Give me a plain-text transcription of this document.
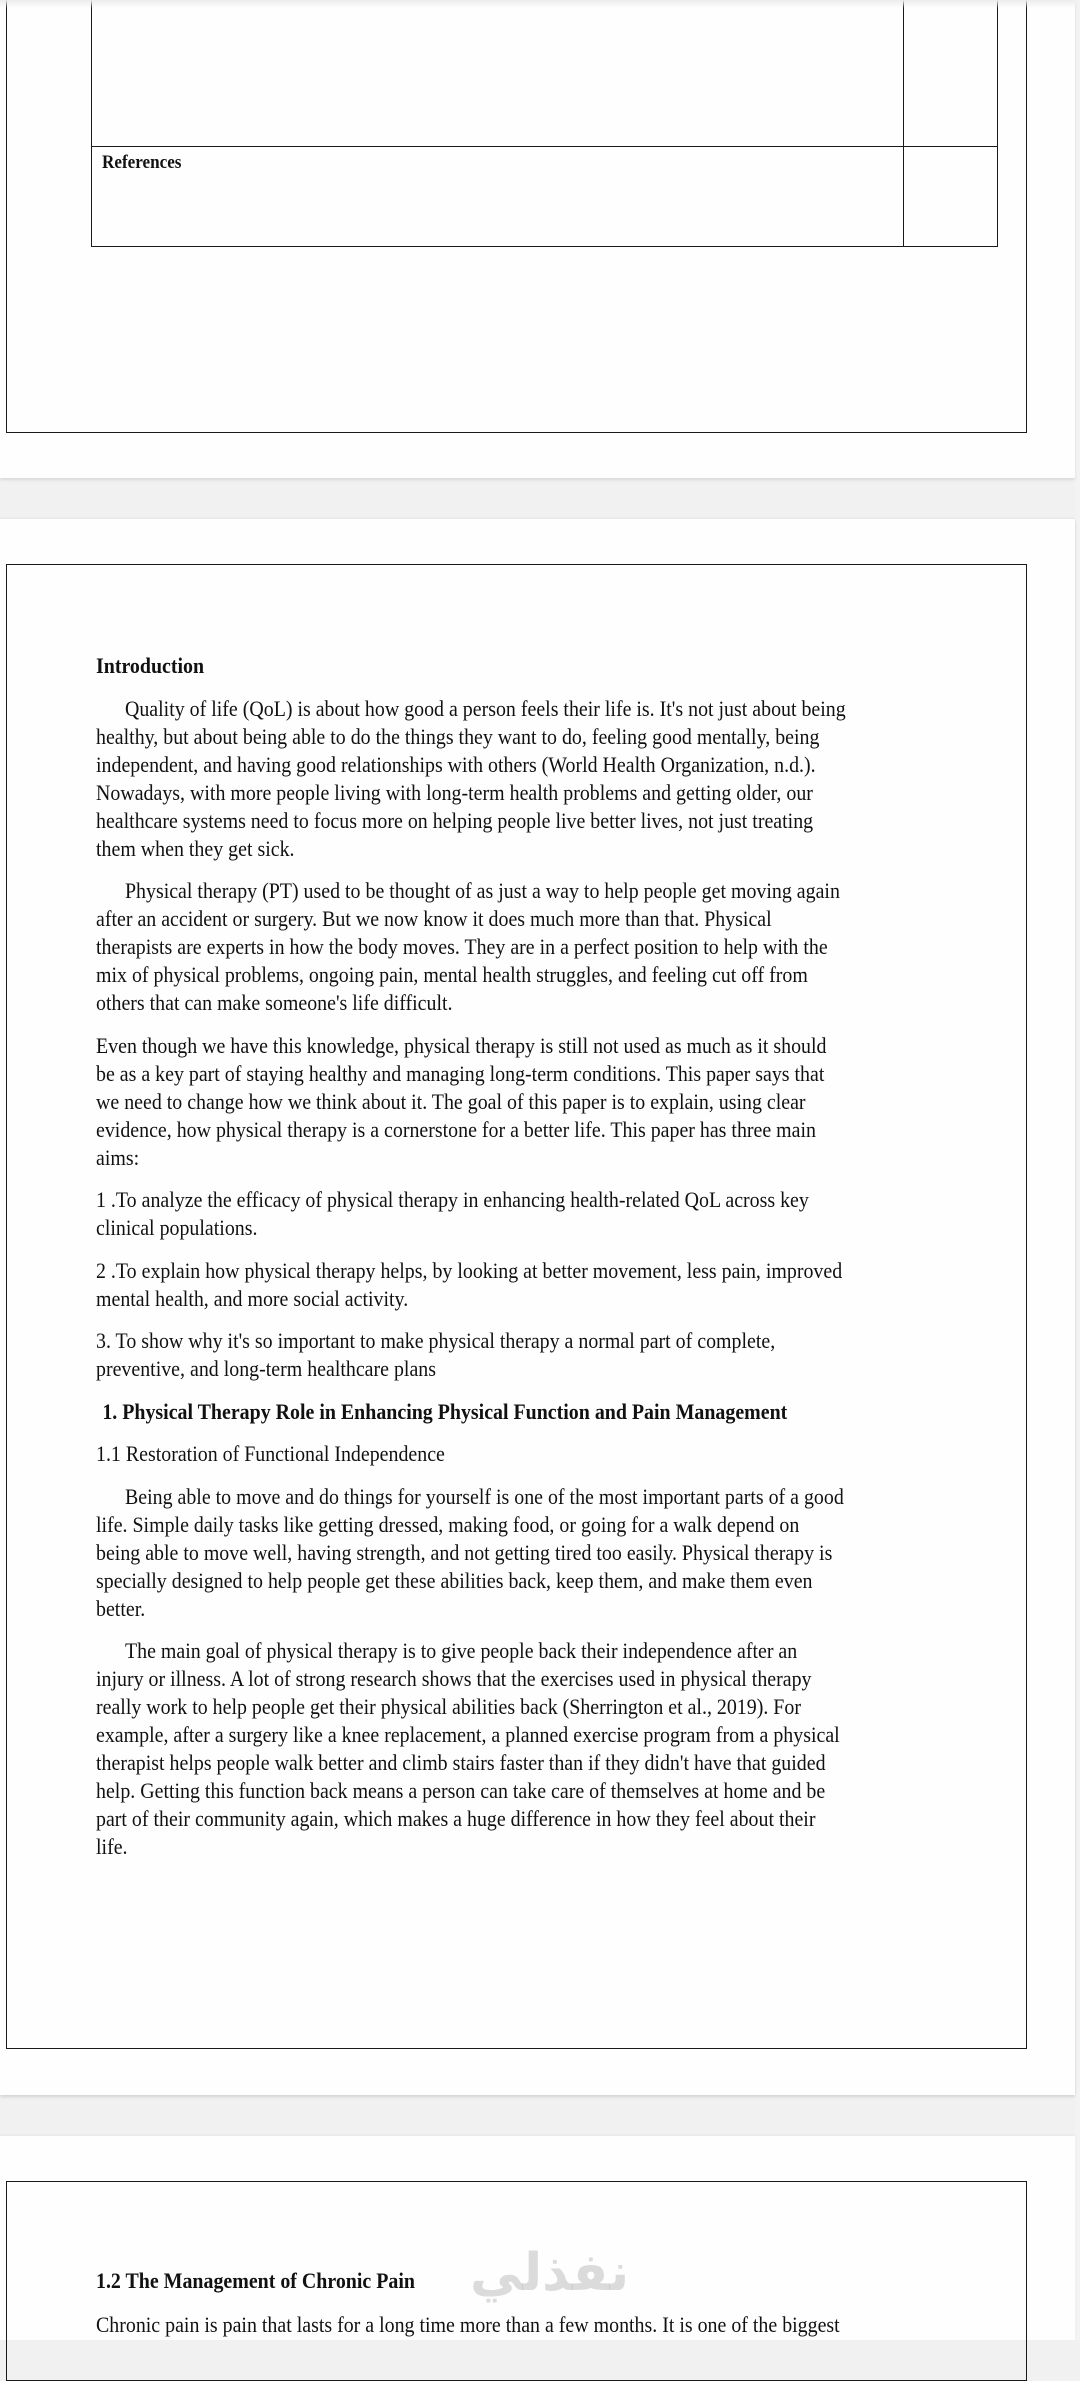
References
Introduction
Quality of life (QoL) is about how good a person feels their life is. It's not just about being
healthy, but about being able to do the things they want to do, feeling good mentally, being
independent, and having good relationships with others (World Health Organization, n.d.).
Nowadays, with more people living with long-term health problems and getting older, our
healthcare systems need to focus more on helping people live better lives, not just treating
them when they get sick.
Physical therapy (PT) used to be thought of as just a way to help people get moving again
after an accident or surgery. But we now know it does much more than that. Physical
therapists are experts in how the body moves. They are in a perfect position to help with the
mix of physical problems, ongoing pain, mental health struggles, and feeling cut off from
others that can make someone's life difficult.
Even though we have this knowledge, physical therapy is still not used as much as it should
be as a key part of staying healthy and managing long-term conditions. This paper says that
we need to change how we think about it. The goal of this paper is to explain, using clear
evidence, how physical therapy is a cornerstone for a better life. This paper has three main
aims:
1 .To analyze the efficacy of physical therapy in enhancing health-related QoL across key
clinical populations.
2 .To explain how physical therapy helps, by looking at better movement, less pain, improved
mental health, and more social activity.
3. To show why it's so important to make physical therapy a normal part of complete,
preventive, and long-term healthcare plans
1. Physical Therapy Role in Enhancing Physical Function and Pain Management
1.1 Restoration of Functional Independence
Being able to move and do things for yourself is one of the most important parts of a good
life. Simple daily tasks like getting dressed, making food, or going for a walk depend on
being able to move well, having strength, and not getting tired too easily. Physical therapy is
specially designed to help people get these abilities back, keep them, and make them even
better.
The main goal of physical therapy is to give people back their independence after an
injury or illness. A lot of strong research shows that the exercises used in physical therapy
really work to help people get their physical abilities back (Sherrington et al., 2019). For
example, after a surgery like a knee replacement, a planned exercise program from a physical
therapist helps people walk better and climb stairs faster than if they didn't have that guided
help. Getting this function back means a person can take care of themselves at home and be
part of their community again, which makes a huge difference in how they feel about their
life.
1.2 The Management of Chronic Pain
Chronic pain is pain that lasts for a long time more than a few months. It is one of the biggest
نفذلي
